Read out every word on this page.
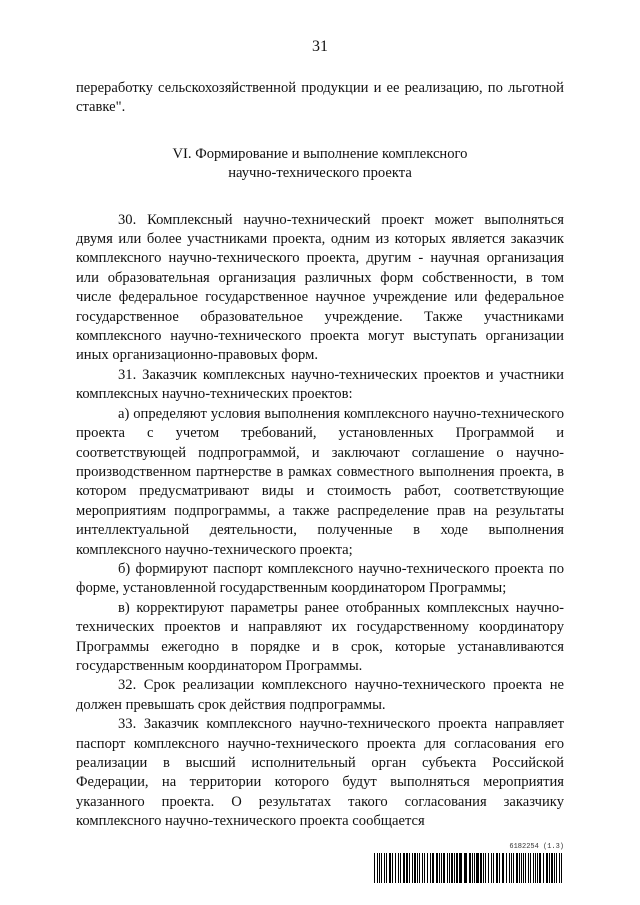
31

переработку сельскохозяйственной продукции и ее реализацию, по льготной ставке".

VI. Формирование и выполнение комплексного
научно-технического проекта

30. Комплексный научно-технический проект может выполняться двумя или более участниками проекта, одним из которых является заказчик комплексного научно-технического проекта, другим - научная организация или образовательная организация различных форм собственности, в том числе федеральное государственное научное учреждение или федеральное государственное образовательное учреждение. Также участниками комплексного научно-технического проекта могут выступать организации иных организационно-правовых форм.

31. Заказчик комплексных научно-технических проектов и участники комплексных научно-технических проектов:

а) определяют условия выполнения комплексного научно-технического проекта с учетом требований, установленных Программой и соответствующей подпрограммой, и заключают соглашение о научно-производственном партнерстве в рамках совместного выполнения проекта, в котором предусматривают виды и стоимость работ, соответствующие мероприятиям подпрограммы, а также распределение прав на результаты интеллектуальной деятельности, полученные в ходе выполнения комплексного научно-технического проекта;

б) формируют паспорт комплексного научно-технического проекта по форме, установленной государственным координатором Программы;

в) корректируют параметры ранее отобранных комплексных научно-технических проектов и направляют их государственному координатору Программы ежегодно в порядке и в срок, которые устанавливаются государственным координатором Программы.

32. Срок реализации комплексного научно-технического проекта не должен превышать срок действия подпрограммы.

33. Заказчик комплексного научно-технического проекта направляет паспорт комплексного научно-технического проекта для согласования его реализации в высший исполнительный орган субъекта Российской Федерации, на территории которого будут выполняться мероприятия указанного проекта. О результатах такого согласования заказчику комплексного научно-технического проекта сообщается

6182254 (1.3)
